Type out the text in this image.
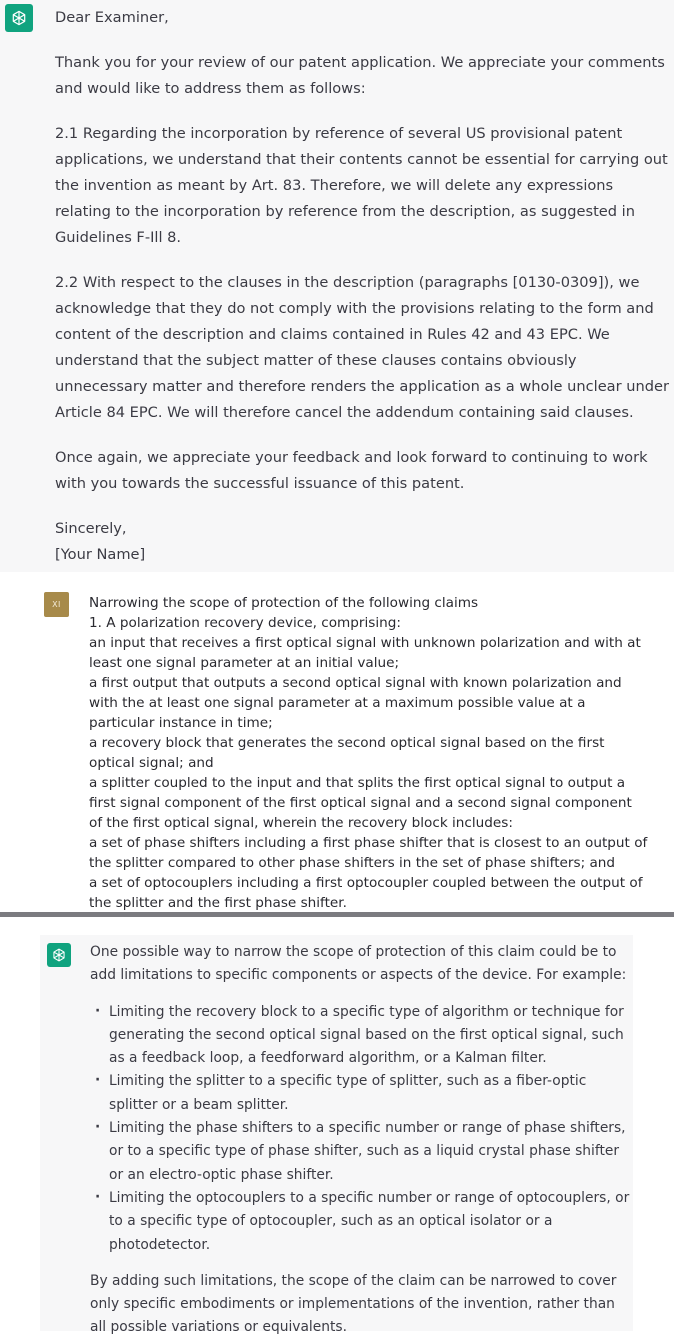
Dear Examiner,

Thank you for your review of our patent application. We appreciate your comments and would like to address them as follows:

2.1 Regarding the incorporation by reference of several US provisional patent applications, we understand that their contents cannot be essential for carrying out the invention as meant by Art. 83. Therefore, we will delete any expressions relating to the incorporation by reference from the description, as suggested in Guidelines F-Ill 8.

2.2 With respect to the clauses in the description (paragraphs [0130-0309]), we acknowledge that they do not comply with the provisions relating to the form and content of the description and claims contained in Rules 42 and 43 EPC. We understand that the subject matter of these clauses contains obviously unnecessary matter and therefore renders the application as a whole unclear under Article 84 EPC. We will therefore cancel the addendum containing said clauses.

Once again, we appreciate your feedback and look forward to continuing to work with you towards the successful issuance of this patent.

Sincerely,

[Your Name]

XI	Narrowing the scope of protection of the following claims
1. A polarization recovery device, comprising:
an input that receives a first optical signal with unknown polarization and with at least one signal parameter at an initial value;
a first output that outputs a second optical signal with known polarization and with the at least one signal parameter at a maximum possible value at a particular instance in time;
a recovery block that generates the second optical signal based on the first optical signal; and
a splitter coupled to the input and that splits the first optical signal to output a first signal component of the first optical signal and a second signal component of the first optical signal, wherein the recovery block includes:
a set of phase shifters including a first phase shifter that is closest to an output of the splitter compared to other phase shifters in the set of phase shifters; and
a set of optocouplers including a first optocoupler coupled between the output of the splitter and the first phase shifter.

One possible way to narrow the scope of protection of this claim could be to add limitations to specific components or aspects of the device. For example:

· Limiting the recovery block to a specific type of algorithm or technique for generating the second optical signal based on the first optical signal, such as a feedback loop, a feedforward algorithm, or a Kalman filter.
· Limiting the splitter to a specific type of splitter, such as a fiber-optic splitter or a beam splitter.
· Limiting the phase shifters to a specific number or range of phase shifters, or to a specific type of phase shifter, such as a liquid crystal phase shifter or an electro-optic phase shifter.
· Limiting the optocouplers to a specific number or range of optocouplers, or to a specific type of optocoupler, such as an optical isolator or a photodetector.

By adding such limitations, the scope of the claim can be narrowed to cover only specific embodiments or implementations of the invention, rather than all possible variations or equivalents.
